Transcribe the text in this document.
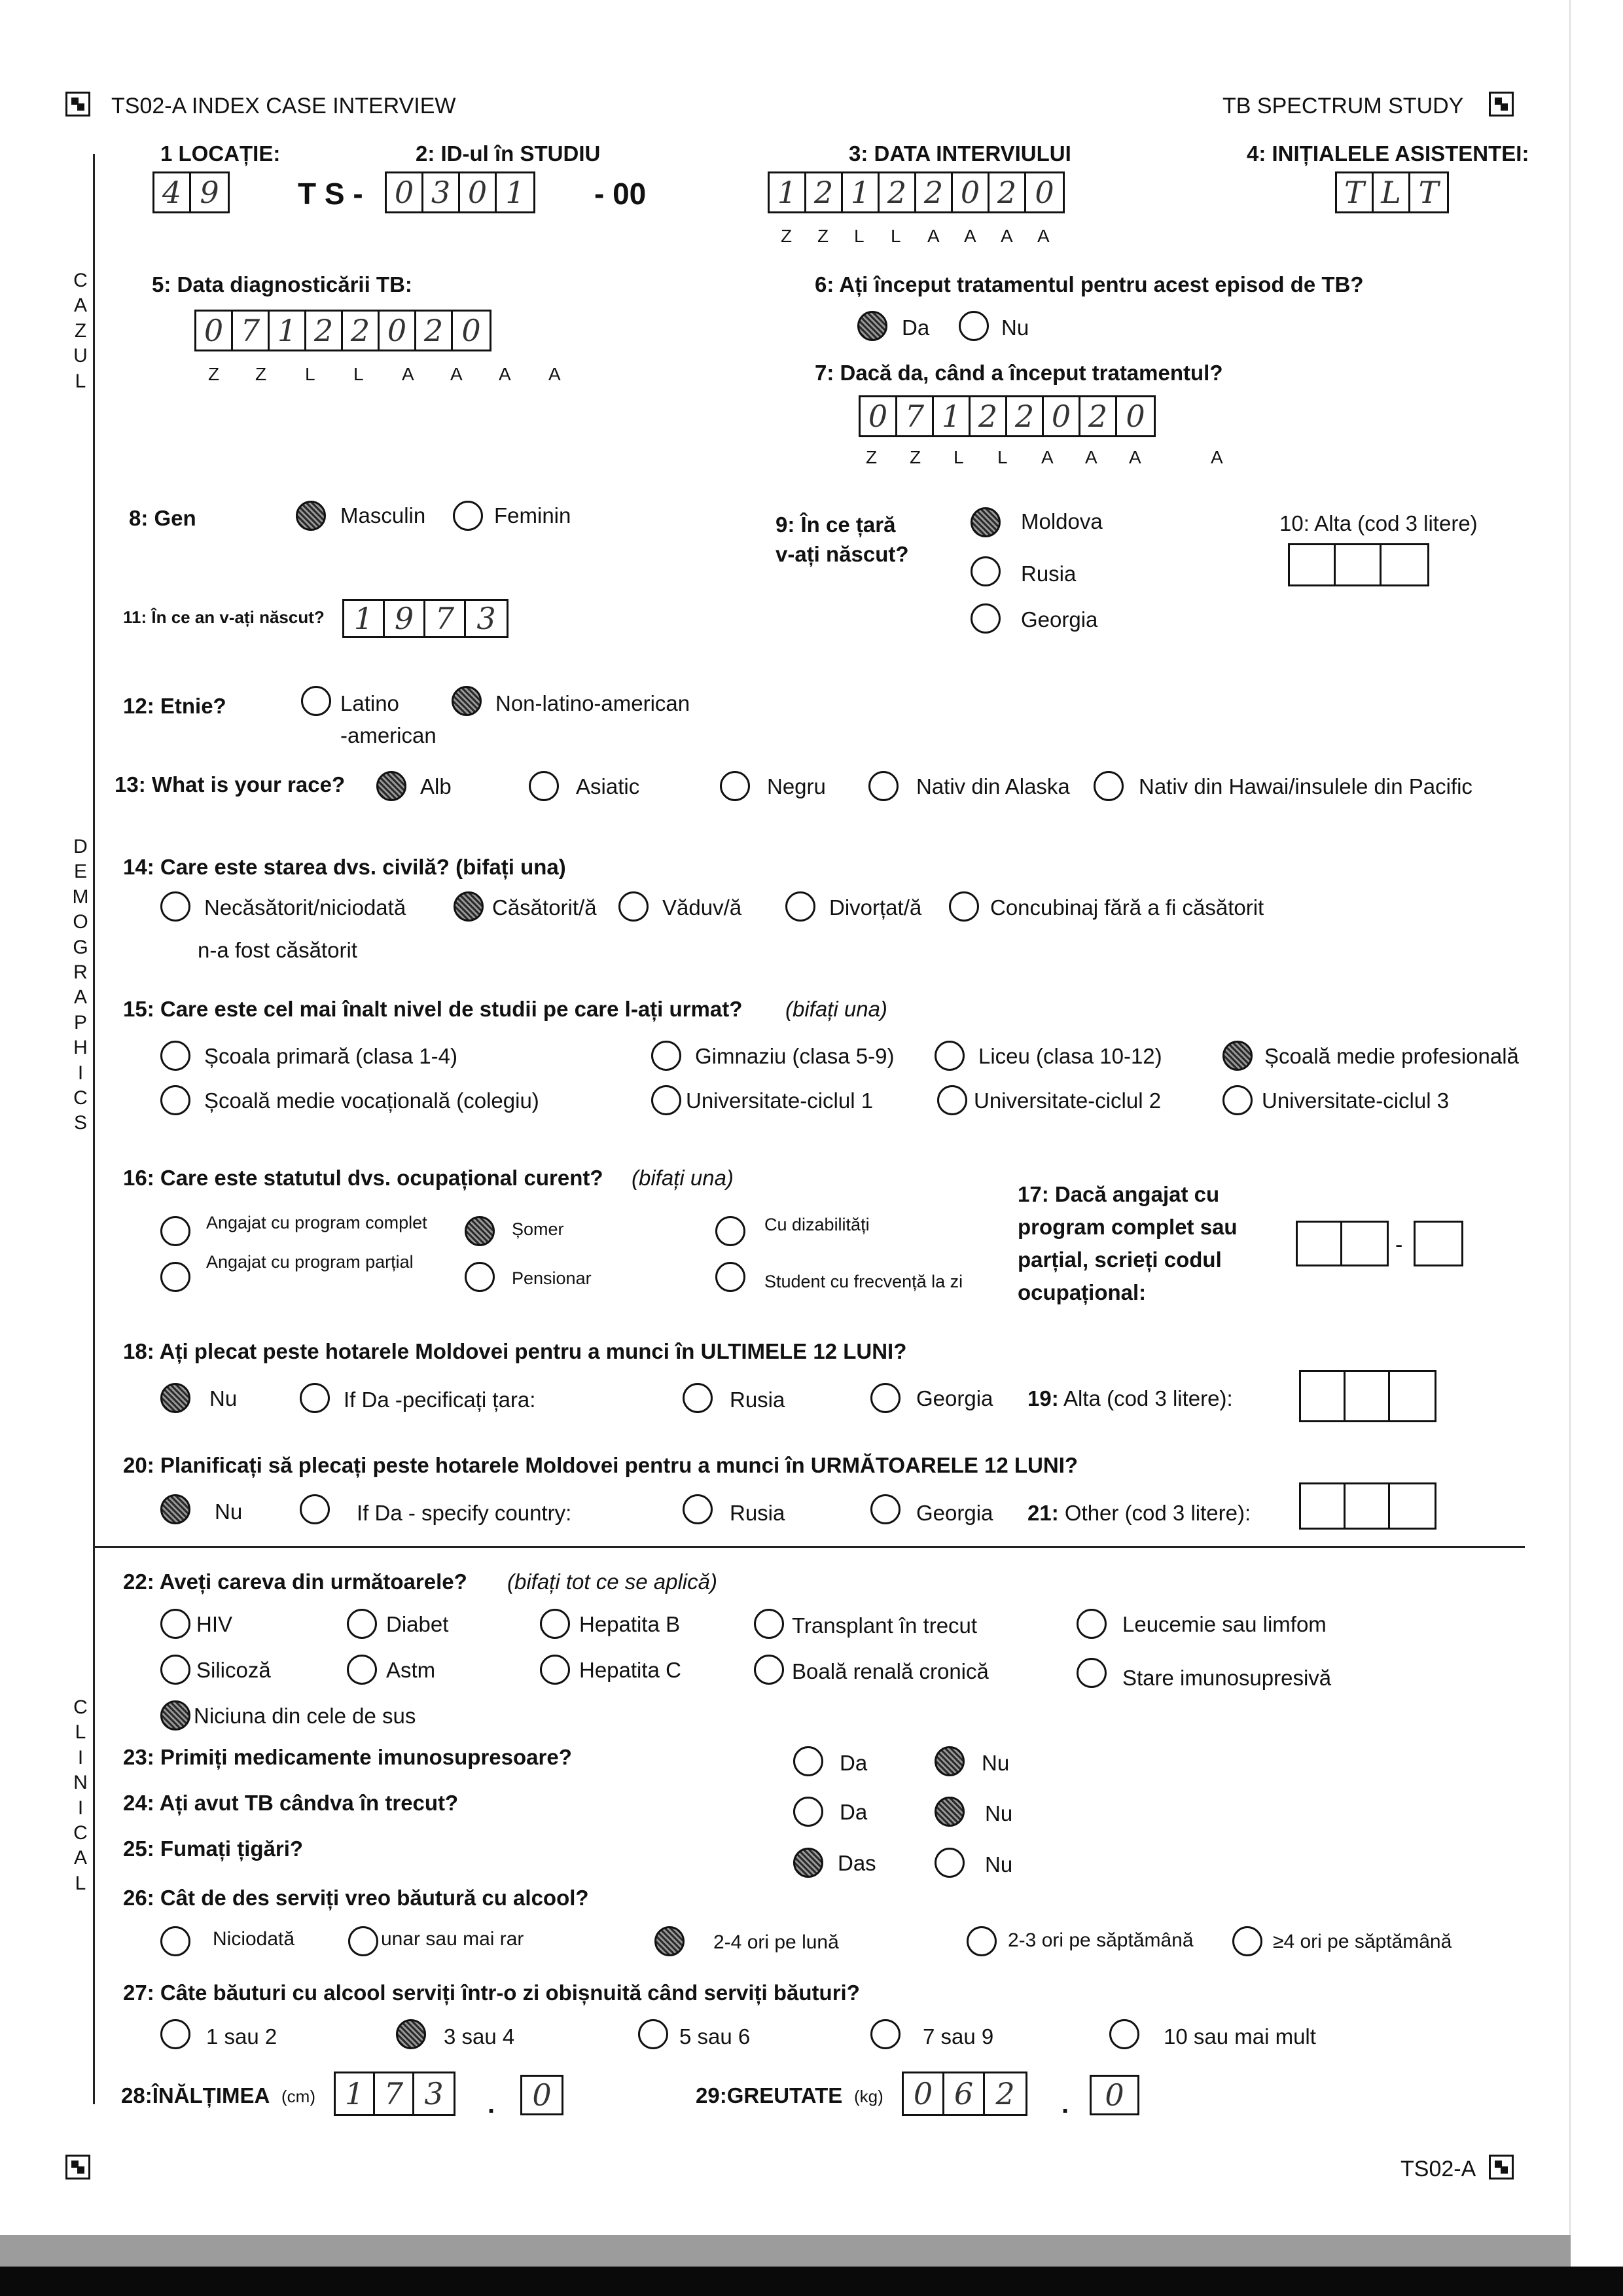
TS02-A INDEX CASE INTERVIEW	TB SPECTRUM STUDY
C
A
Z
U
L
D
E
M
O
G
R
A
P
H
I
C
S
C
L
I
N
I
C
A
L
1 LOCAȚIE:
4 9
2: ID-ul în STUDIU
T S - 0 3 0 1 - 00
3: DATA INTERVIULUI
1 2 1 2 2 0 2 0
Z Z L L A A A A
4: INIȚIALELE ASISTENTEI:
T L T
5: Data diagnosticării TB:
0 7 1 2 2 0 2 0
Z Z L L A A A A
6: Ați început tratamentul pentru acest episod de TB?
Da	Nu
7: Dacă da, când a început tratamentul?
0 7 1 2 2 0 2 0
Z Z L L A A A	A
8: Gen	Masculin	Feminin	9: În ce țară
v-ați născut?
Moldova
Rusia
Georgia
10: Alta (cod 3 litere)
11: În ce an v-ați născut? 1 9 7 3
12: Etnie?	Latino
-american
Non-latino-american
13: What is your race?	Alb	Asiatic	Negru	Nativ din Alaska	Nativ din Hawai/insulele din Pacific
14: Care este starea dvs. civilă? (bifați una)
Necăsătorit/niciodată
n-a fost căsătorit
Căsătorit/ă	Văduv/ă	Divorțat/ă	Concubinaj fără a fi căsătorit
15: Care este cel mai înalt nivel de studii pe care l-ați urmat? (bifați una)
Școala primară (clasa 1-4)	Gimnaziu (clasa 5-9)	Liceu (clasa 10-12)	Școală medie profesională
Școală medie vocațională (colegiu)	Universitate-ciclul 1	Universitate-ciclul 2	Universitate-ciclul 3
16: Care este statutul dvs. ocupațional curent? (bifați una)
Angajat cu program complet	Șomer	Cu dizabilități
Angajat cu program parțial
Pensionar	Student cu frecvență la zi
17: Dacă angajat cu
program complet sau
parțial, scrieți codul
ocupațional:
-
18: Ați plecat peste hotarele Moldovei pentru a munci în ULTIMELE 12 LUNI?
Nu	If Da -pecificați țara:	Rusia	Georgia 19: Alta (cod 3 litere):
20: Planificați să plecați peste hotarele Moldovei pentru a munci în URMĂTOARELE 12 LUNI?
Nu	If Da - specify country:	Rusia	Georgia 21: Other (cod 3 litere):
22: Aveți careva din următoarele? (bifați tot ce se aplică)
HIV	Diabet	Hepatita B	Transplant în trecut	Leucemie sau limfom
Silicoză	Astm	Hepatita C	Boală renală cronică	Stare imunosupresivă
Niciuna din cele de sus
23: Primiți medicamente imunosupresoare?	Da	Nu
24: Ați avut TB cândva în trecut?	Da	Nu
25: Fumați țigări?
Das	Nu
26: Cât de des serviți vreo băutură cu alcool?
Niciodată	unar sau mai rar	2-4 ori pe lună	2-3 ori pe săptămână	≥4 ori pe săptămână
27: Câte băuturi cu alcool serviți într-o zi obișnuită când serviți băuturi?
1 sau 2	3 sau 4	5 sau 6	7 sau 9	10 sau mai mult
28:ÎNĂLȚIMEA (cm) 1 7 3	.	0	29:GREUTATE (kg)	0 6 2	.	0
TS02-A
